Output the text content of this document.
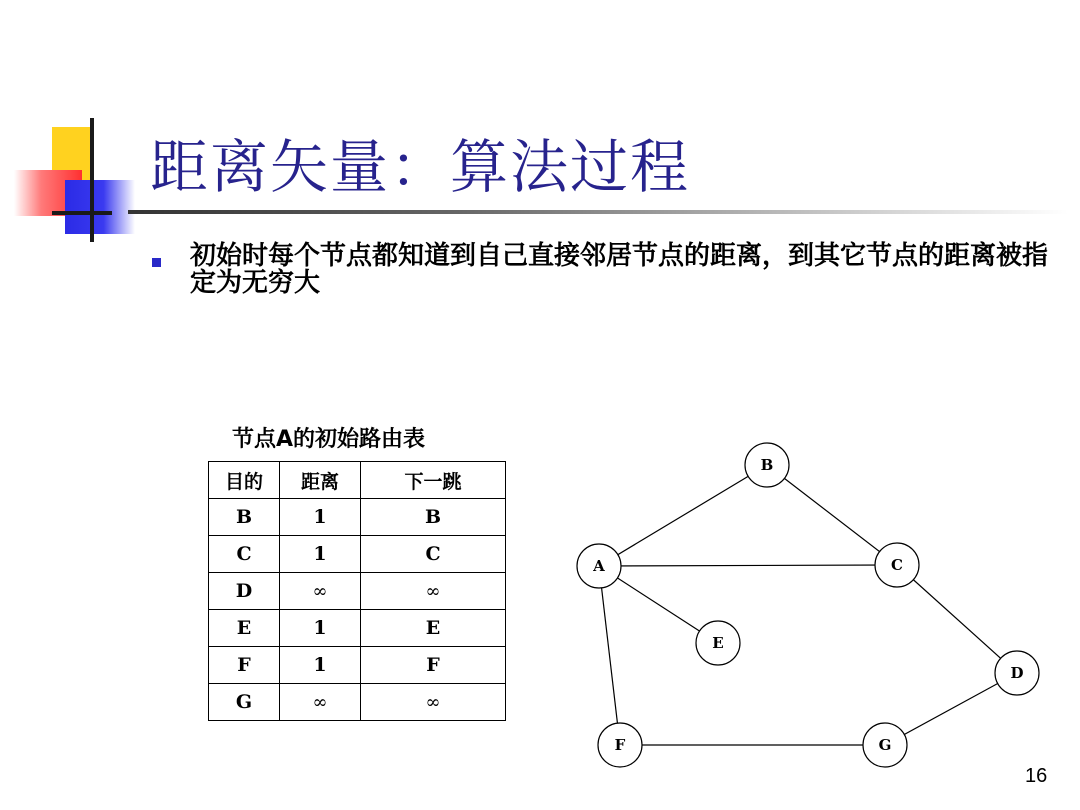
距离矢量：算法过程
初始时每个节点都知道到自己直接邻居节点的距离，到其它节点的距离被指定为无穷大
节点A的初始路由表
目的	距离	下一跳
B	1	B
C	1	C
D	∞	∞
E	1	E
F	1	F
G	∞	∞
A
B
C
D
E
F	G
16
